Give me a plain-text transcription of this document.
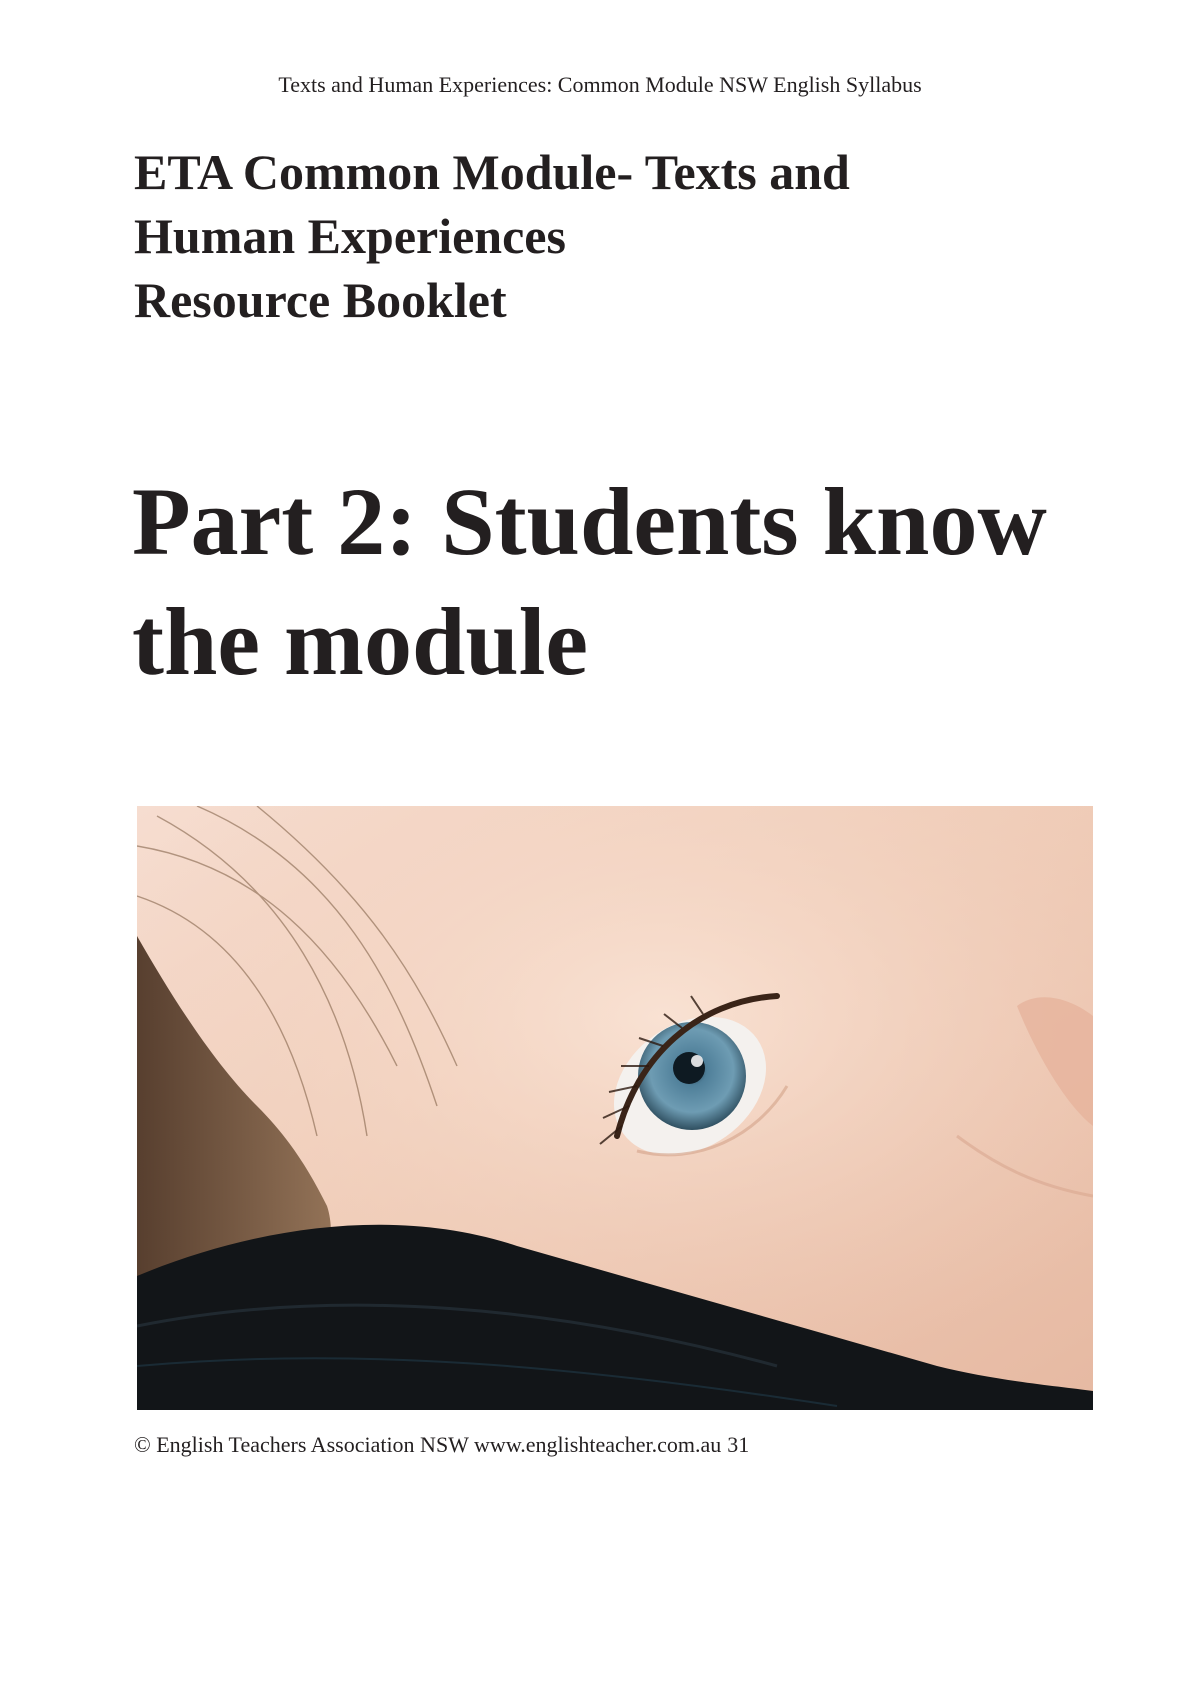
Texts and Human Experiences: Common Module NSW English Syllabus
ETA Common Module- Texts and
Human Experiences
Resource Booklet
Part 2: Students know
the module
© English Teachers Association NSW www.englishteacher.com.au 31
